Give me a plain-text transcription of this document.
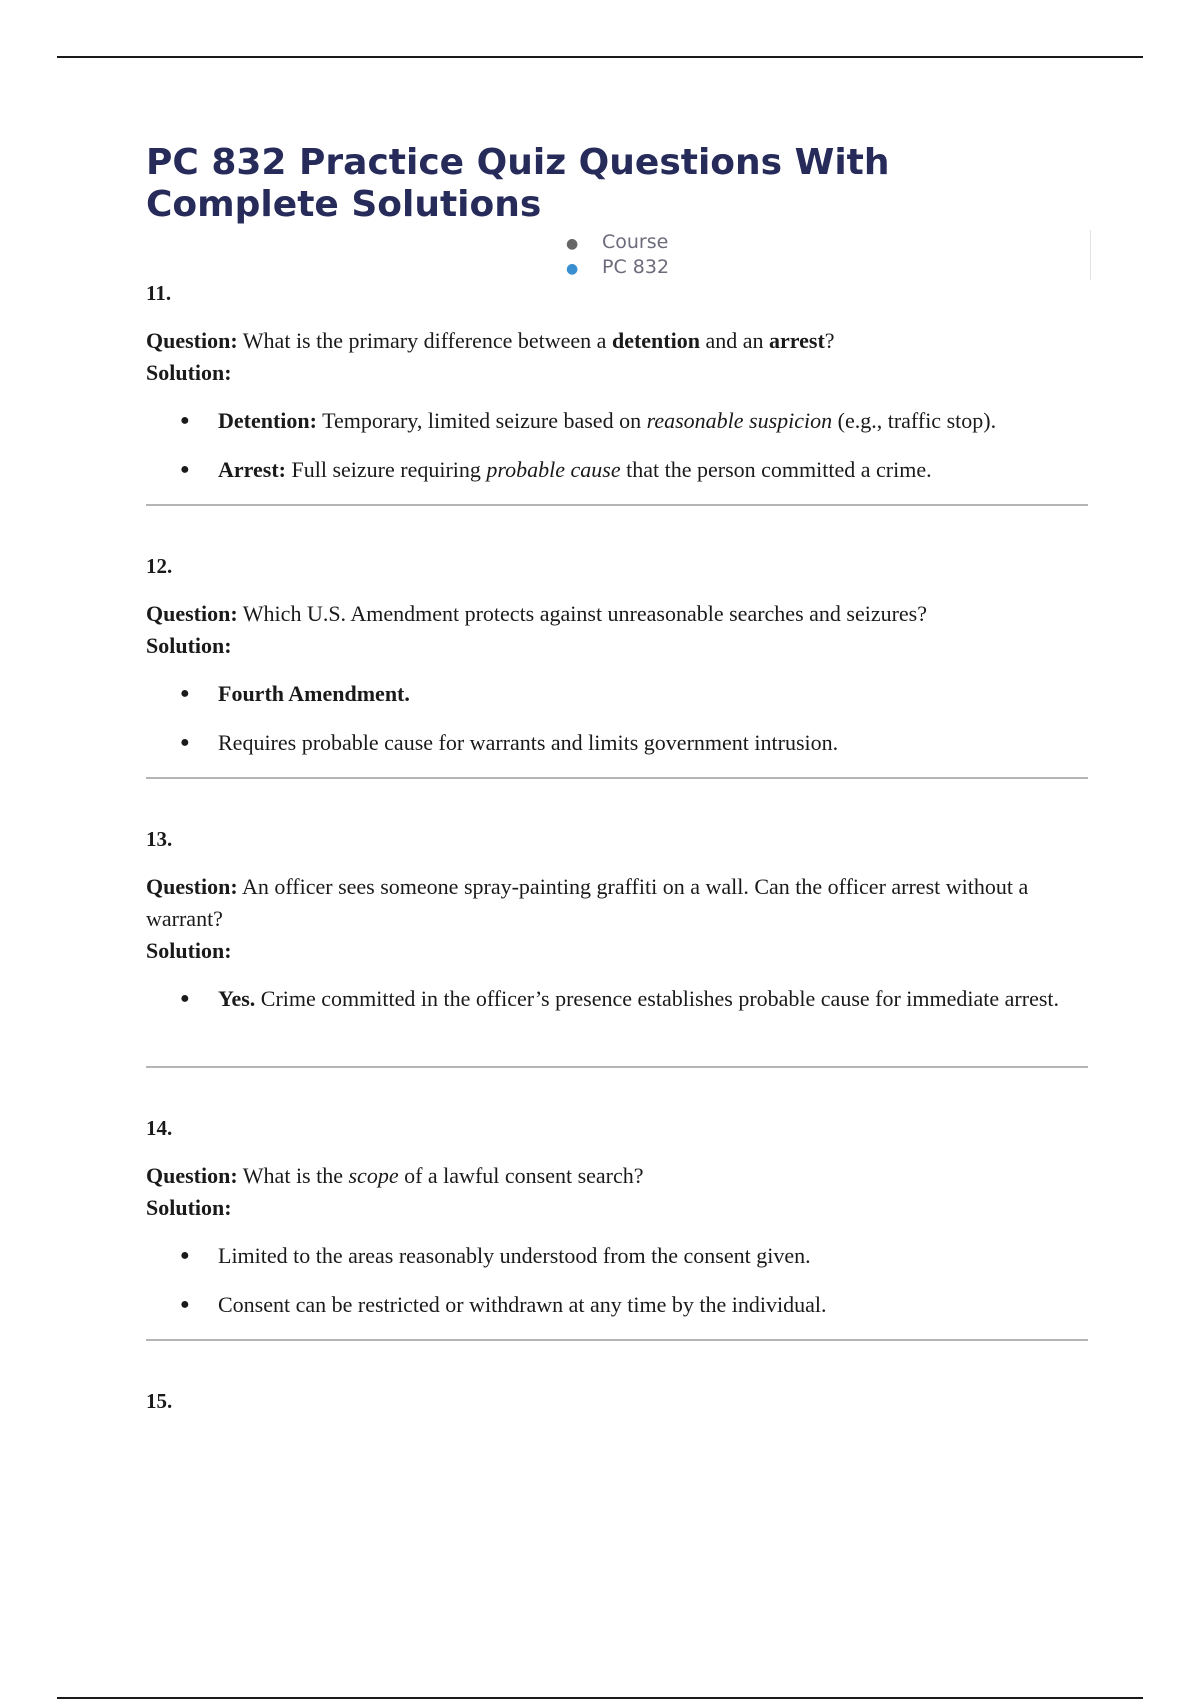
PC 832 Practice Quiz Questions With Complete Solutions
● Course
● PC 832

11.

Question: What is the primary difference between a detention and an arrest?

Solution:

● Detention: Temporary, limited seizure based on reasonable suspicion (e.g., traffic stop).
● Arrest: Full seizure requiring probable cause that the person committed a crime.

12.

Question: Which U.S. Amendment protects against unreasonable searches and seizures?

Solution:

● Fourth Amendment.
● Requires probable cause for warrants and limits government intrusion.

13.

Question: An officer sees someone spray-painting graffiti on a wall. Can the officer arrest without a warrant?

Solution:

● Yes. Crime committed in the officer’s presence establishes probable cause for immediate arrest.

14.

Question: What is the scope of a lawful consent search?

Solution:

● Limited to the areas reasonably understood from the consent given.
● Consent can be restricted or withdrawn at any time by the individual.

15.
